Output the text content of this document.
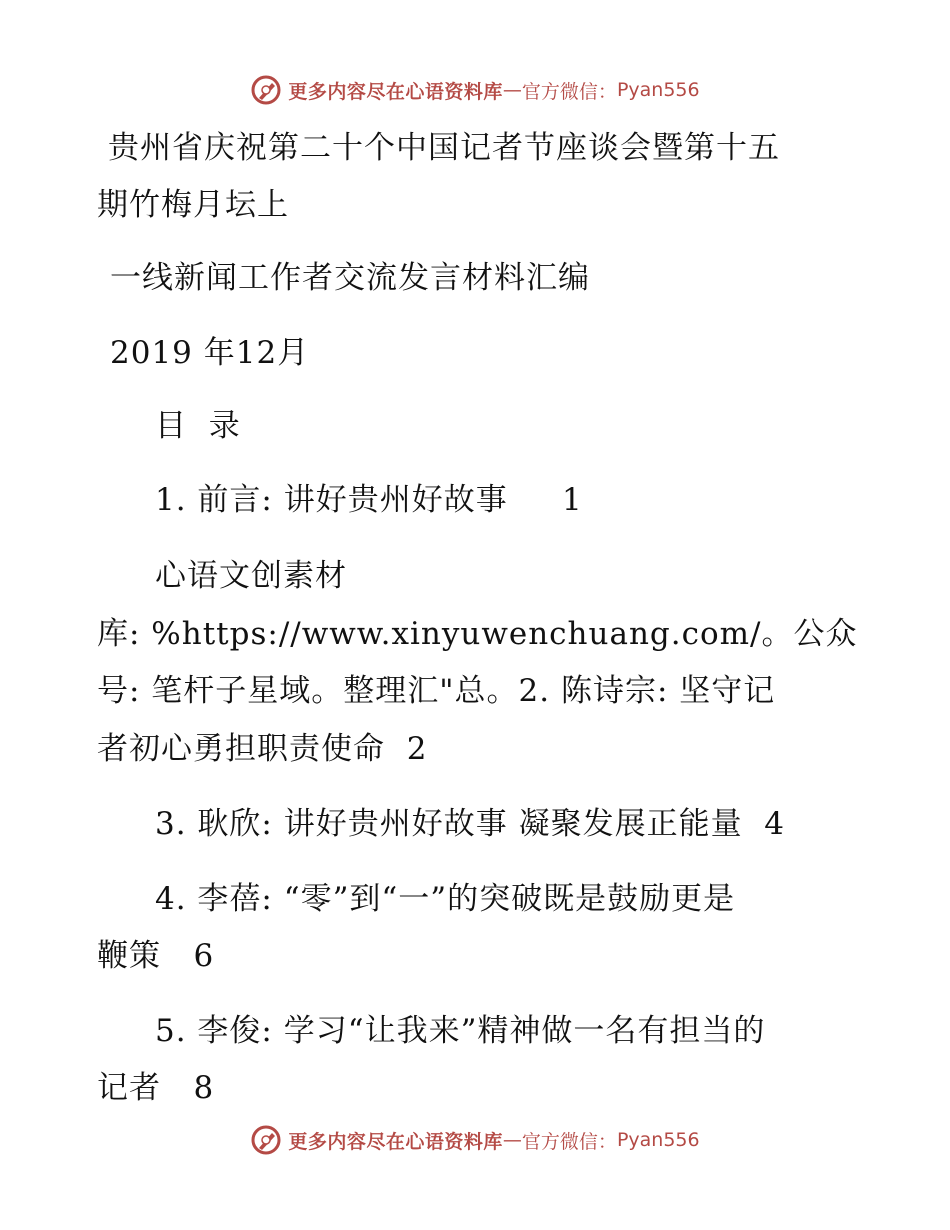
更多内容尽在心语资料库 — 官方微信： Pyan556
贵州省庆祝第二十个中国记者节座谈会暨第十五
期竹梅月坛上
一线新闻工作者交流发言材料汇编
2019 年12月
目  录
1. 前言: 讲好贵州好故事     1
心语文创素材
库: %https://www.xinyuwenchuang.com/。公众
号: 笔杆子星域。整理汇"总。2. 陈诗宗: 坚守记
者初心勇担职责使命  2
3. 耿欣: 讲好贵州好故事 凝聚发展正能量  4
4. 李蓓: “零”到“一”的突破既是鼓励更是
鞭策   6
5. 李俊: 学习“让我来”精神做一名有担当的
记者   8
更多内容尽在心语资料库 — 官方微信： Pyan556
